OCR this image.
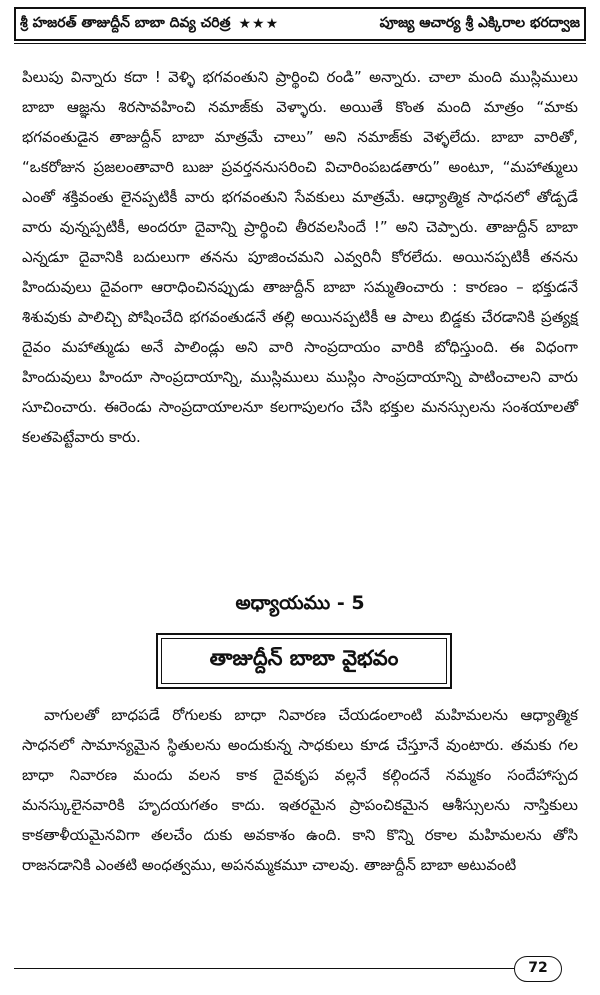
శ్రీ హజరత్ తాజుద్దీన్ బాబా దివ్య చరిత్ర ★★★	పూజ్య ఆచార్య శ్రీ ఎక్కిరాల భరద్వాజ

పిలుపు విన్నారు కదా ! వెళ్ళి భగవంతుని ప్రార్థించి రండి” అన్నారు. చాలా మంది ముస్లిములు బాబా ఆజ్ఞను శిరసావహించి నమాజ్‌కు వెళ్ళారు. అయితే కొంత మంది మాత్రం “మాకు భగవంతుడైన తాజుద్దీన్ బాబా మాత్రమే చాలు” అని నమాజ్‌కు వెళ్ళలేదు. బాబా వారితో, “ఒకరోజున ప్రజలంతావారి బుజు ప్రవర్తననుసరించి విచారింపబడతారు” అంటూ, “మహాత్ములు ఎంతో శక్తివంతు లైనప్పటికీ వారు భగవంతుని సేవకులు మాత్రమే. ఆధ్యాత్మిక సాధనలో తోడ్పడే వారు వున్నప్పటికీ, అందరూ దైవాన్ని ప్రార్థించి తీరవలసిందే !” అని చెప్పారు. తాజుద్దీన్ బాబా ఎన్నడూ దైవానికి బదులుగా తనను పూజించమని ఎవ్వరినీ కోరలేదు. అయినప్పటికీ తనను హిందువులు దైవంగా ఆరాధించినప్పుడు తాజుద్దీన్ బాబా సమ్మతించారు : కారణం – భక్తుడనే శిశువుకు పాలిచ్చి పోషించేది భగవంతుడనే తల్లి అయినప్పటికీ ఆ పాలు బిడ్డకు చేరడానికి ప్రత్యక్ష దైవం మహాత్ముడు అనే పాలిండ్లు అని వారి సాంప్రదాయం వారికి బోధిస్తుంది. ఈ విధంగా హిందువులు హిందూ సాంప్రదాయాన్ని, ముస్లిములు ముస్లిం సాంప్రదాయాన్ని పాటించాలని వారు సూచించారు. ఈరెండు సాంప్రదాయాలనూ కలగాపులగం చేసి భక్తుల మనస్సులను సంశయాలతో కలతపెట్టేవారు కారు.

అధ్యాయము - 5
తాజుద్దీన్ బాబా వైభవం

వాగులతో బాధపడే రోగులకు బాధా నివారణ చేయడంలాంటి మహిమలను ఆధ్యాత్మిక సాధనలో సామాన్యమైన స్థితులను అందుకున్న సాధకులు కూడ చేస్తూనే వుంటారు. తమకు గల బాధా నివారణ మందు వలన కాక దైవకృప వల్లనే కల్గిందనే నమ్మకం సందేహాస్పద మనస్కులైనవారికి హృదయగతం కాదు. ఇతరమైన ప్రాపంచికమైన ఆశీస్సులను నాస్తికులు కాకతాళీయమైనవిగా తలచేం దుకు అవకాశం ఉంది. కాని కొన్ని రకాల మహిమలను తోసి రాజనడానికి ఎంతటి అంధత్వము, అపనమ్మకమూ చాలవు. తాజుద్దీన్ బాబా అటువంటి

72
